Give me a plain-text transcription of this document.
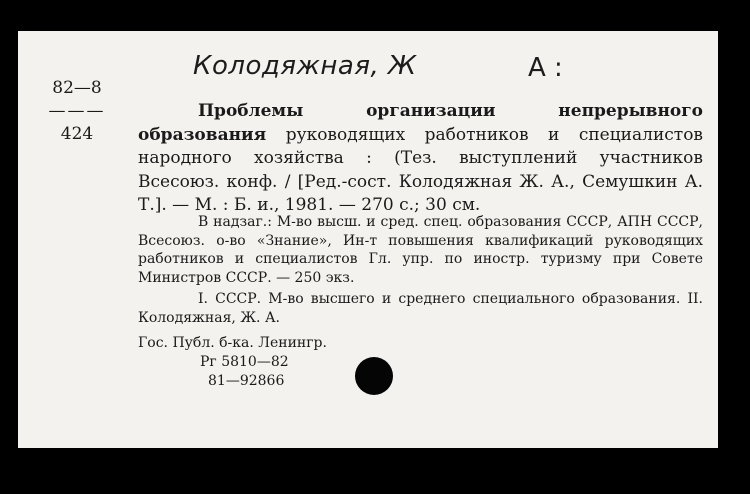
Колодяжная, Ж	А :
82—8
———
424
Проблемы организации непрерывного образования руководящих работников и специалистов народного хозяйства : (Тез. выступлений участников Всесоюз. конф. / [Ред.-сост. Колодяжная Ж. А., Семушкин А. Т.]. — М. : Б. и., 1981. — 270 с.; 30 см.
В надзаг.: М-во высш. и сред. спец. образования СССР, АПН СССР, Всесоюз. о-во «Знание», Ин-т повышения квалификаций руководящих работников и специалистов Гл. упр. по иностр. туризму при Совете Министров СССР. — 250 экз.
I. СССР. М-во высшего и среднего специального образования. II. Колодяжная, Ж. А.
Гос. Публ. б-ка. Ленингр.
Рг 5810—82
81—92866
